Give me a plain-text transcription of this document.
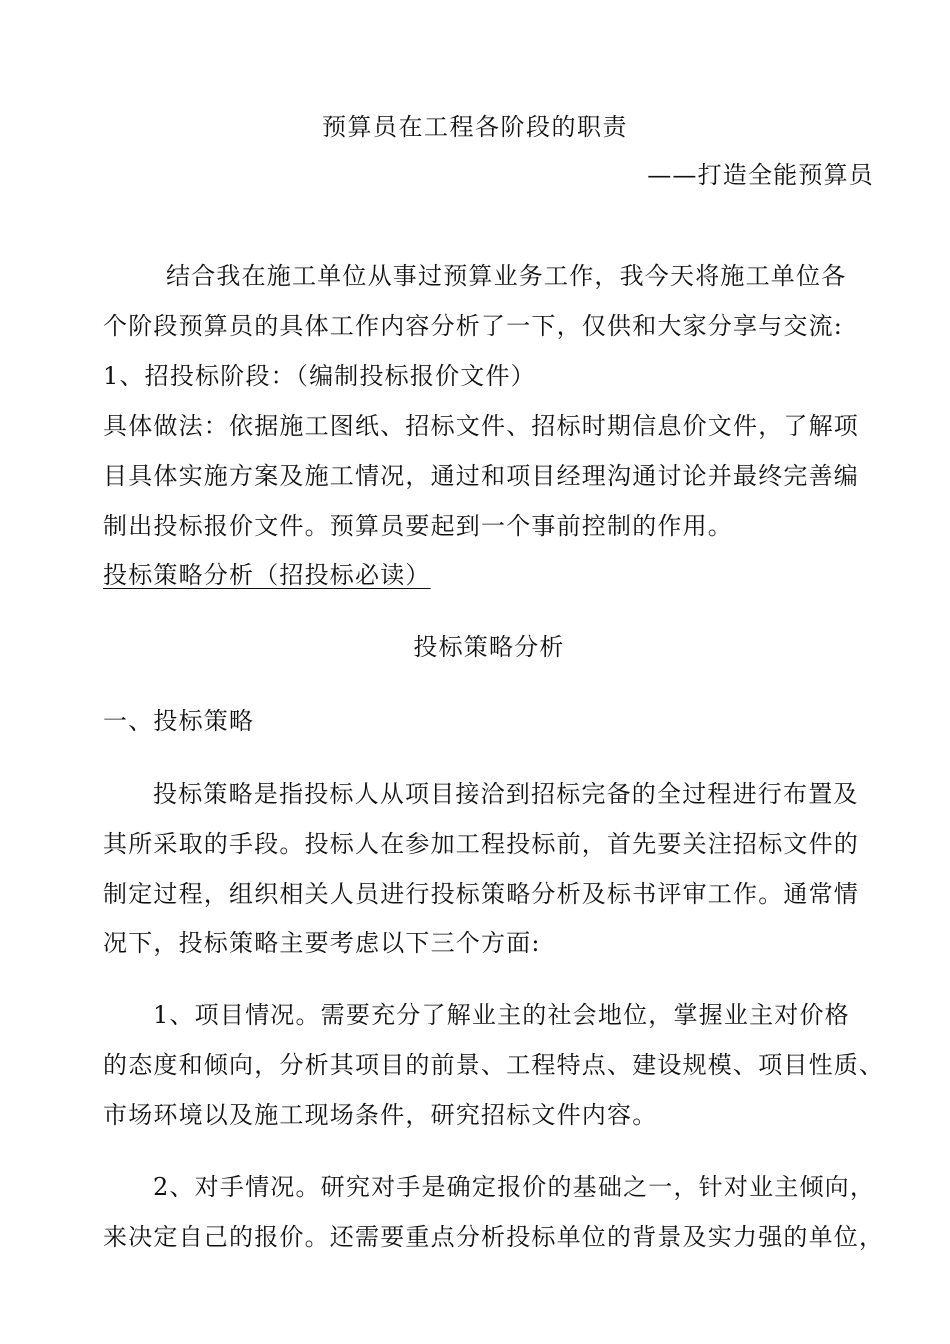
预算员在工程各阶段的职责
——打造全能预算员
结合我在施工单位从事过预算业务工作，我今天将施工单位各
个阶段预算员的具体工作内容分析了一下，仅供和大家分享与交流:
1、招投标阶段：（编制投标报价文件）
具体做法：依据施工图纸、招标文件、招标时期信息价文件，了解项
目具体实施方案及施工情况，通过和项目经理沟通讨论并最终完善编
制出投标报价文件。预算员要起到一个事前控制的作用。
投标策略分析（招投标必读）
投标策略分析
一、投标策略
投标策略是指投标人从项目接洽到招标完备的全过程进行布置及
其所采取的手段。投标人在参加工程投标前，首先要关注招标文件的
制定过程，组织相关人员进行投标策略分析及标书评审工作。通常情
况下，投标策略主要考虑以下三个方面:
1、项目情况。需要充分了解业主的社会地位，掌握业主对价格
的态度和倾向，分析其项目的前景、工程特点、建设规模、项目性质、
市场环境以及施工现场条件，研究招标文件内容。
2、对手情况。研究对手是确定报价的基础之一，针对业主倾向，
来决定自己的报价。还需要重点分析投标单位的背景及实力强的单位，
